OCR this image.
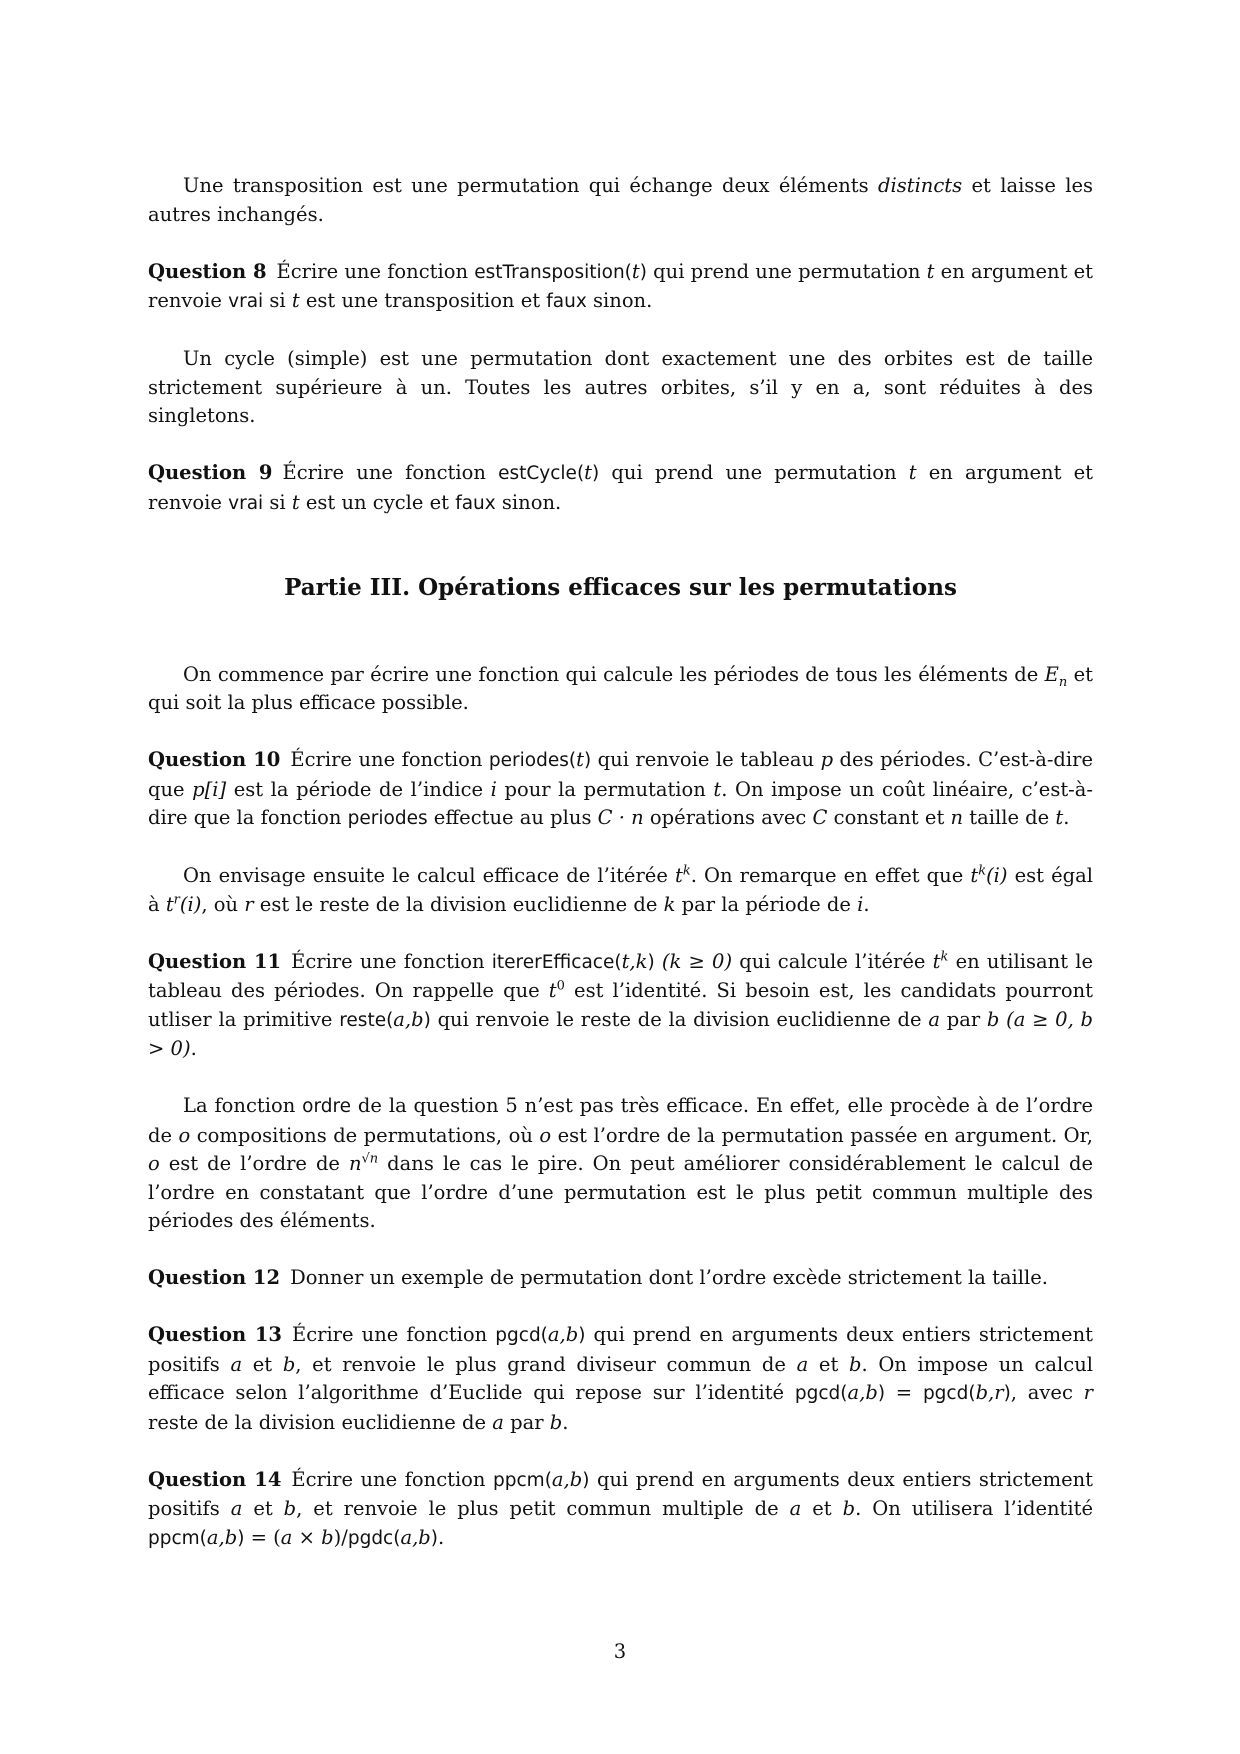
Une transposition est une permutation qui échange deux éléments distincts et laisse les autres inchangés.

Question 8 Écrire une fonction estTransposition(t) qui prend une permutation t en argument et renvoie vrai si t est une transposition et faux sinon.

Un cycle (simple) est une permutation dont exactement une des orbites est de taille strictement supérieure à un. Toutes les autres orbites, s’il y en a, sont réduites à des singletons.

Question 9 Écrire une fonction estCycle(t) qui prend une permutation t en argument et renvoie vrai si t est un cycle et faux sinon.

Partie III. Opérations efficaces sur les permutations

On commence par écrire une fonction qui calcule les périodes de tous les éléments de $E_n$ et qui soit la plus efficace possible.

Question 10 Écrire une fonction periodes(t) qui renvoie le tableau p des périodes. C’est-à-dire que p[i] est la période de l’indice i pour la permutation t. On impose un coût linéaire, c’est-à-dire que la fonction periodes effectue au plus C · n opérations avec C constant et n taille de t.

On envisage ensuite le calcul efficace de l’itérée $t^k$. On remarque en effet que $t^k(i)$ est égal à $t^r(i)$, où r est le reste de la division euclidienne de k par la période de i.

Question 11 Écrire une fonction itererEfficace(t,k) (k ≥ 0) qui calcule l’itérée $t^k$ en utilisant le tableau des périodes. On rappelle que $t^0$ est l’identité. Si besoin est, les candidats pourront utliser la primitive reste(a,b) qui renvoie le reste de la division euclidienne de a par b (a ≥ 0, b > 0).

La fonction ordre de la question 5 n’est pas très efficace. En effet, elle procède à de l’ordre de o compositions de permutations, où o est l’ordre de la permutation passée en argument. Or, o est de l’ordre de $n^{√n}$ dans le cas le pire. On peut améliorer considérablement le calcul de l’ordre en constatant que l’ordre d’une permutation est le plus petit commun multiple des périodes des éléments.

Question 12 Donner un exemple de permutation dont l’ordre excède strictement la taille.

Question 13 Écrire une fonction pgcd(a,b) qui prend en arguments deux entiers strictement positifs a et b, et renvoie le plus grand diviseur commun de a et b. On impose un calcul efficace selon l’algorithme d’Euclide qui repose sur l’identité pgcd(a,b) = pgcd(b,r), avec r reste de la division euclidienne de a par b.

Question 14 Écrire une fonction ppcm(a,b) qui prend en arguments deux entiers strictement positifs a et b, et renvoie le plus petit commun multiple de a et b. On utilisera l’identité ppcm(a,b) = (a × b)/pgdc(a,b).

3
